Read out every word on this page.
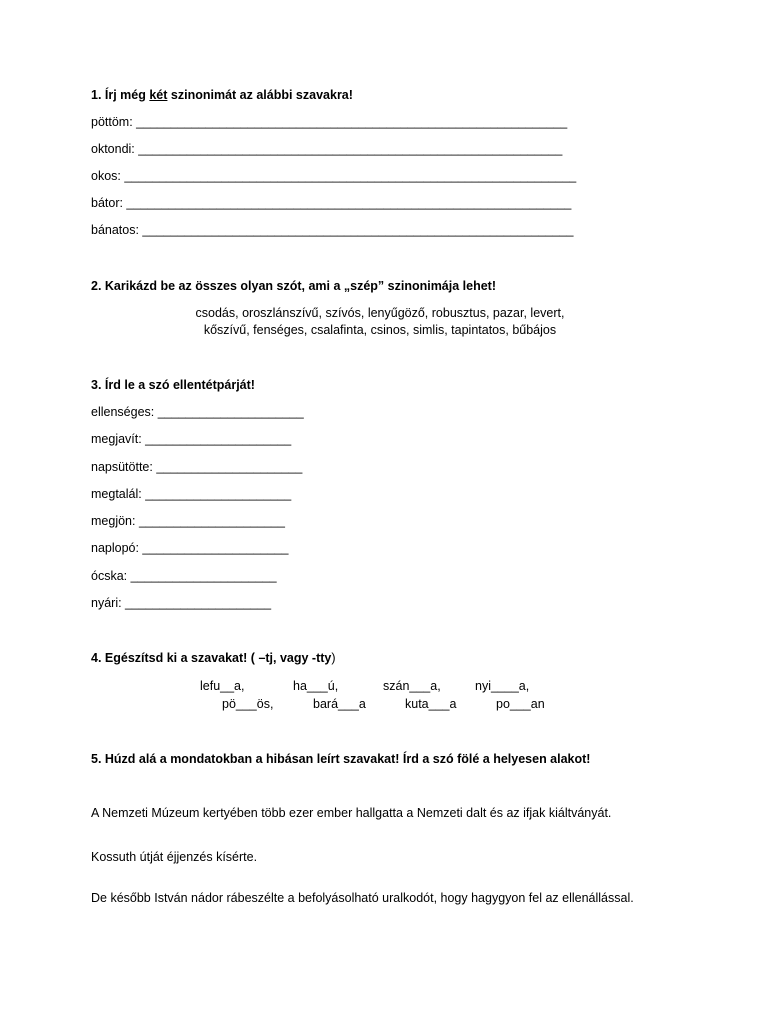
1. Írj még két szinonimát az alábbi szavakra!
pöttöm: ______________________________________________________________
oktondi: _____________________________________________________________
okos: _________________________________________________________________
bátor: ________________________________________________________________
bánatos: ______________________________________________________________
2. Karikázd be az összes olyan szót, ami a „szép” szinonimája lehet!
csodás, oroszlánszívű, szívós, lenyűgöző, robusztus, pazar, levert,
kőszívű, fenséges, csalafinta, csinos, simlis, tapintatos, bűbájos
3. Írd le a szó ellentétpárját!
ellenséges: _____________________
megjavít: _____________________
napsütötte: _____________________
megtalál: _____________________
megjön: _____________________
naplopó: _____________________
ócska: _____________________
nyári: _____________________
4. Egészítsd ki a szavakat! ( –tj, vagy -tty)
lefu__a,	ha___ú,	szán___a,	nyi____a,
pö___ös,	bará___a	kuta___a	po___an
5. Húzd alá a mondatokban a hibásan leírt szavakat! Írd a szó fölé a helyesen alakot!
A Nemzeti Múzeum kertyében több ezer ember hallgatta a Nemzeti dalt és az ifjak kiáltványát.
Kossuth útját éjjenzés kísérte.
De később István nádor rábeszélte a befolyásolható uralkodót, hogy hagygyon fel az ellenállással.
